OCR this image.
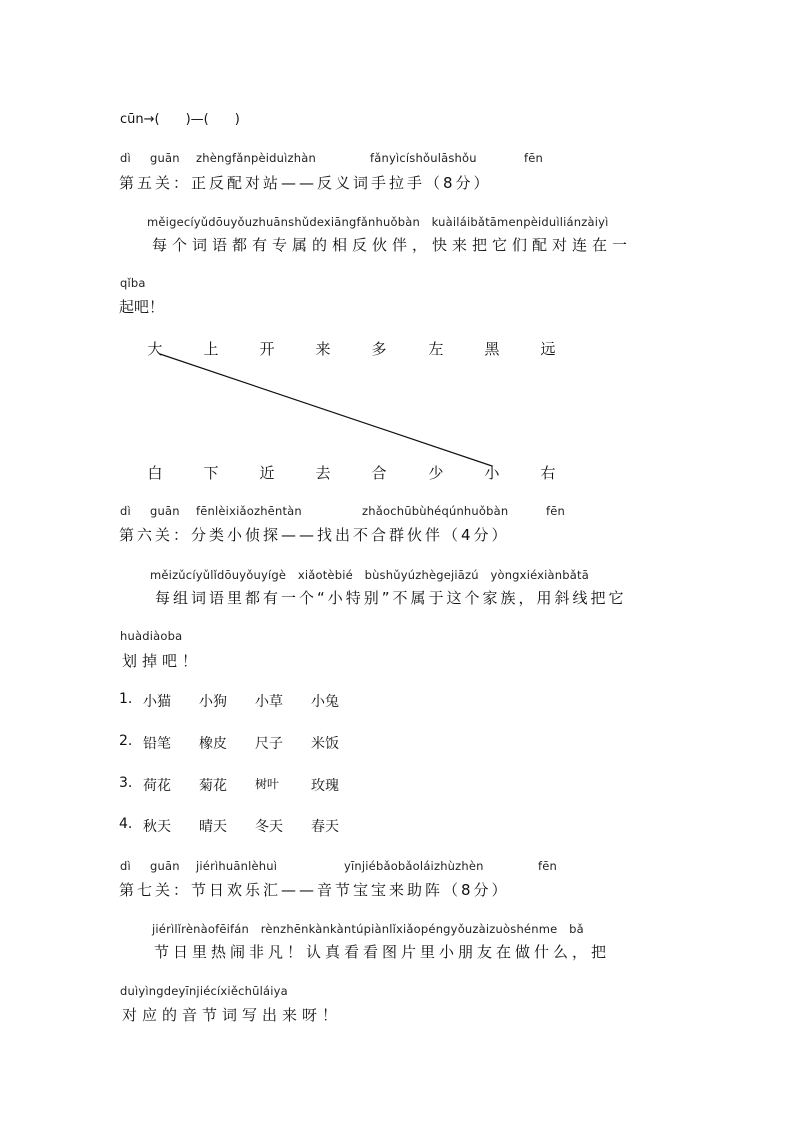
cūn→(　　)—(　　)
dì guān zhèngfǎnpèiduìzhàn	fǎnyìcíshǒulāshǒu	fēn
第五关：正反配对站——反义词手拉手（8分）
měigecíyǔdōuyǒuzhuānshǔdexiāngfǎnhuǒbàn　kuàiláibǎtāmenpèiduìliánzàiyì
每个词语都有专属的相反伙伴，快来把它们配对连在一
qǐba
起吧！
大	上	开	来	多	左	黑	远
白	下	近	去	合	少	小	右
dì guān fēnlèixiǎozhēntàn	zhǎochūbùhéqúnhuǒbàn	fēn
第六关：分类小侦探——找出不合群伙伴（4分）
měizǔcíyǔlǐdōuyǒuyígè　xiǎotèbié　bùshǔyúzhègejiāzú　yòngxiéxiànbǎtā
每组词语里都有一个“小特别”不属于这个家族，用斜线把它
huàdiàoba
划掉吧！
1. 小猫 小狗 小草 小兔
2. 铅笔 橡皮 尺子 米饭
3. 荷花 菊花 树叶 玫瑰
4. 秋天 晴天 冬天 春天
dì guān jiérìhuānlèhuì	yīnjiébǎobǎoláizhùzhèn	fēn
第七关：节日欢乐汇——音节宝宝来助阵（8分）
jiérìlǐrènàofēifán　rènzhēnkànkàntúpiànlǐxiǎopéngyǒuzàizuòshénme　bǎ
节日里热闹非凡！认真看看图片里小朋友在做什么，把
duìyìngdeyīnjiécíxiěchūláiya
对应的音节词写出来呀！
